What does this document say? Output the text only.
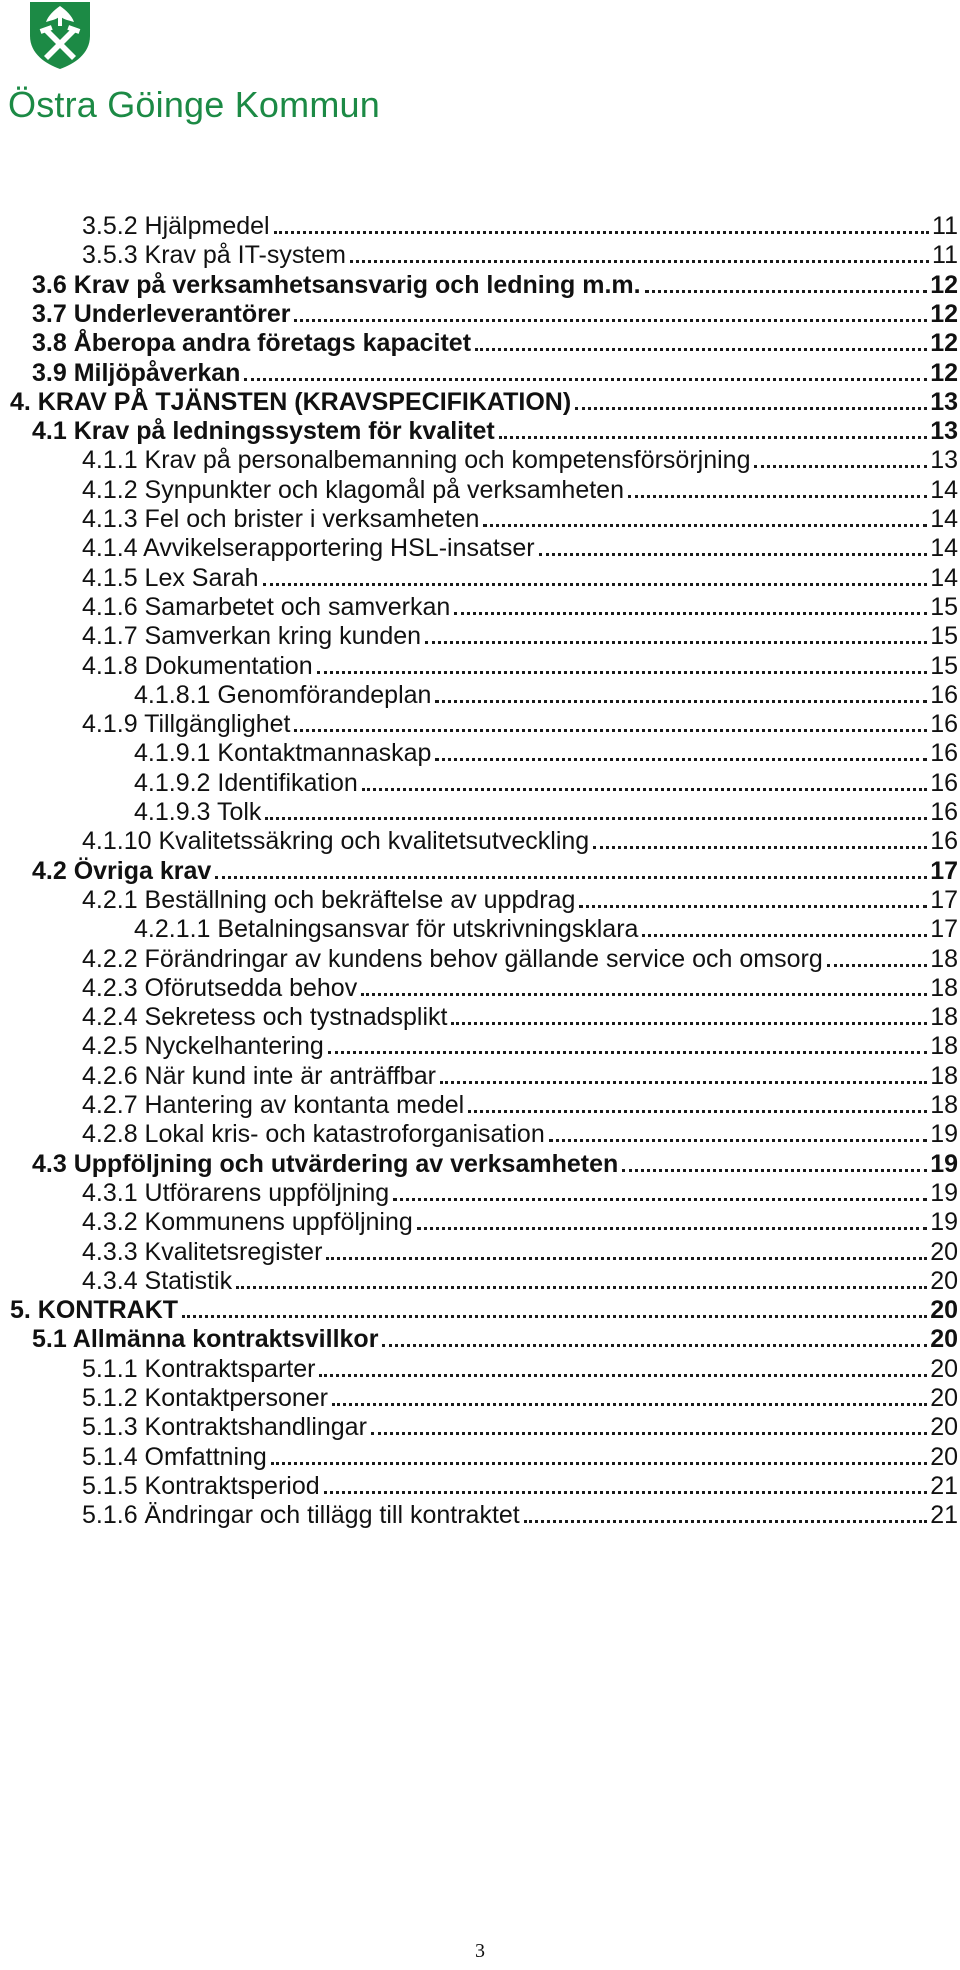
Östra Göinge Kommun
3.5.2 Hjälpmedel	11
3.5.3 Krav på IT-system	11
3.6 Krav på verksamhetsansvarig och ledning m.m.	12
3.7 Underleverantörer	12
3.8 Åberopa andra företags kapacitet	12
3.9 Miljöpåverkan	12
4. KRAV PÅ TJÄNSTEN (KRAVSPECIFIKATION)	13
4.1 Krav på ledningssystem för kvalitet	13
4.1.1 Krav på personalbemanning och kompetensförsörjning	13
4.1.2 Synpunkter och klagomål på verksamheten	14
4.1.3 Fel och brister i verksamheten	14
4.1.4 Avvikelserapportering HSL-insatser	14
4.1.5 Lex Sarah	14
4.1.6 Samarbetet och samverkan	15
4.1.7 Samverkan kring kunden	15
4.1.8 Dokumentation	15
4.1.8.1 Genomförandeplan	16
4.1.9 Tillgänglighet	16
4.1.9.1 Kontaktmannaskap	16
4.1.9.2 Identifikation	16
4.1.9.3 Tolk	16
4.1.10 Kvalitetssäkring och kvalitetsutveckling	16
4.2 Övriga krav	17
4.2.1 Beställning och bekräftelse av uppdrag	17
4.2.1.1 Betalningsansvar för utskrivningsklara	17
4.2.2 Förändringar av kundens behov gällande service och omsorg	18
4.2.3 Oförutsedda behov	18
4.2.4 Sekretess och tystnadsplikt	18
4.2.5 Nyckelhantering	18
4.2.6 När kund inte är anträffbar	18
4.2.7 Hantering av kontanta medel	18
4.2.8 Lokal kris- och katastroforganisation	19
4.3 Uppföljning och utvärdering av verksamheten	19
4.3.1 Utförarens uppföljning	19
4.3.2 Kommunens uppföljning	19
4.3.3 Kvalitetsregister	20
4.3.4 Statistik	20
5. KONTRAKT	20
5.1 Allmänna kontraktsvillkor	20
5.1.1 Kontraktsparter	20
5.1.2 Kontaktpersoner	20
5.1.3 Kontraktshandlingar	20
5.1.4 Omfattning	20
5.1.5 Kontraktsperiod	21
5.1.6 Ändringar och tillägg till kontraktet	21
3
